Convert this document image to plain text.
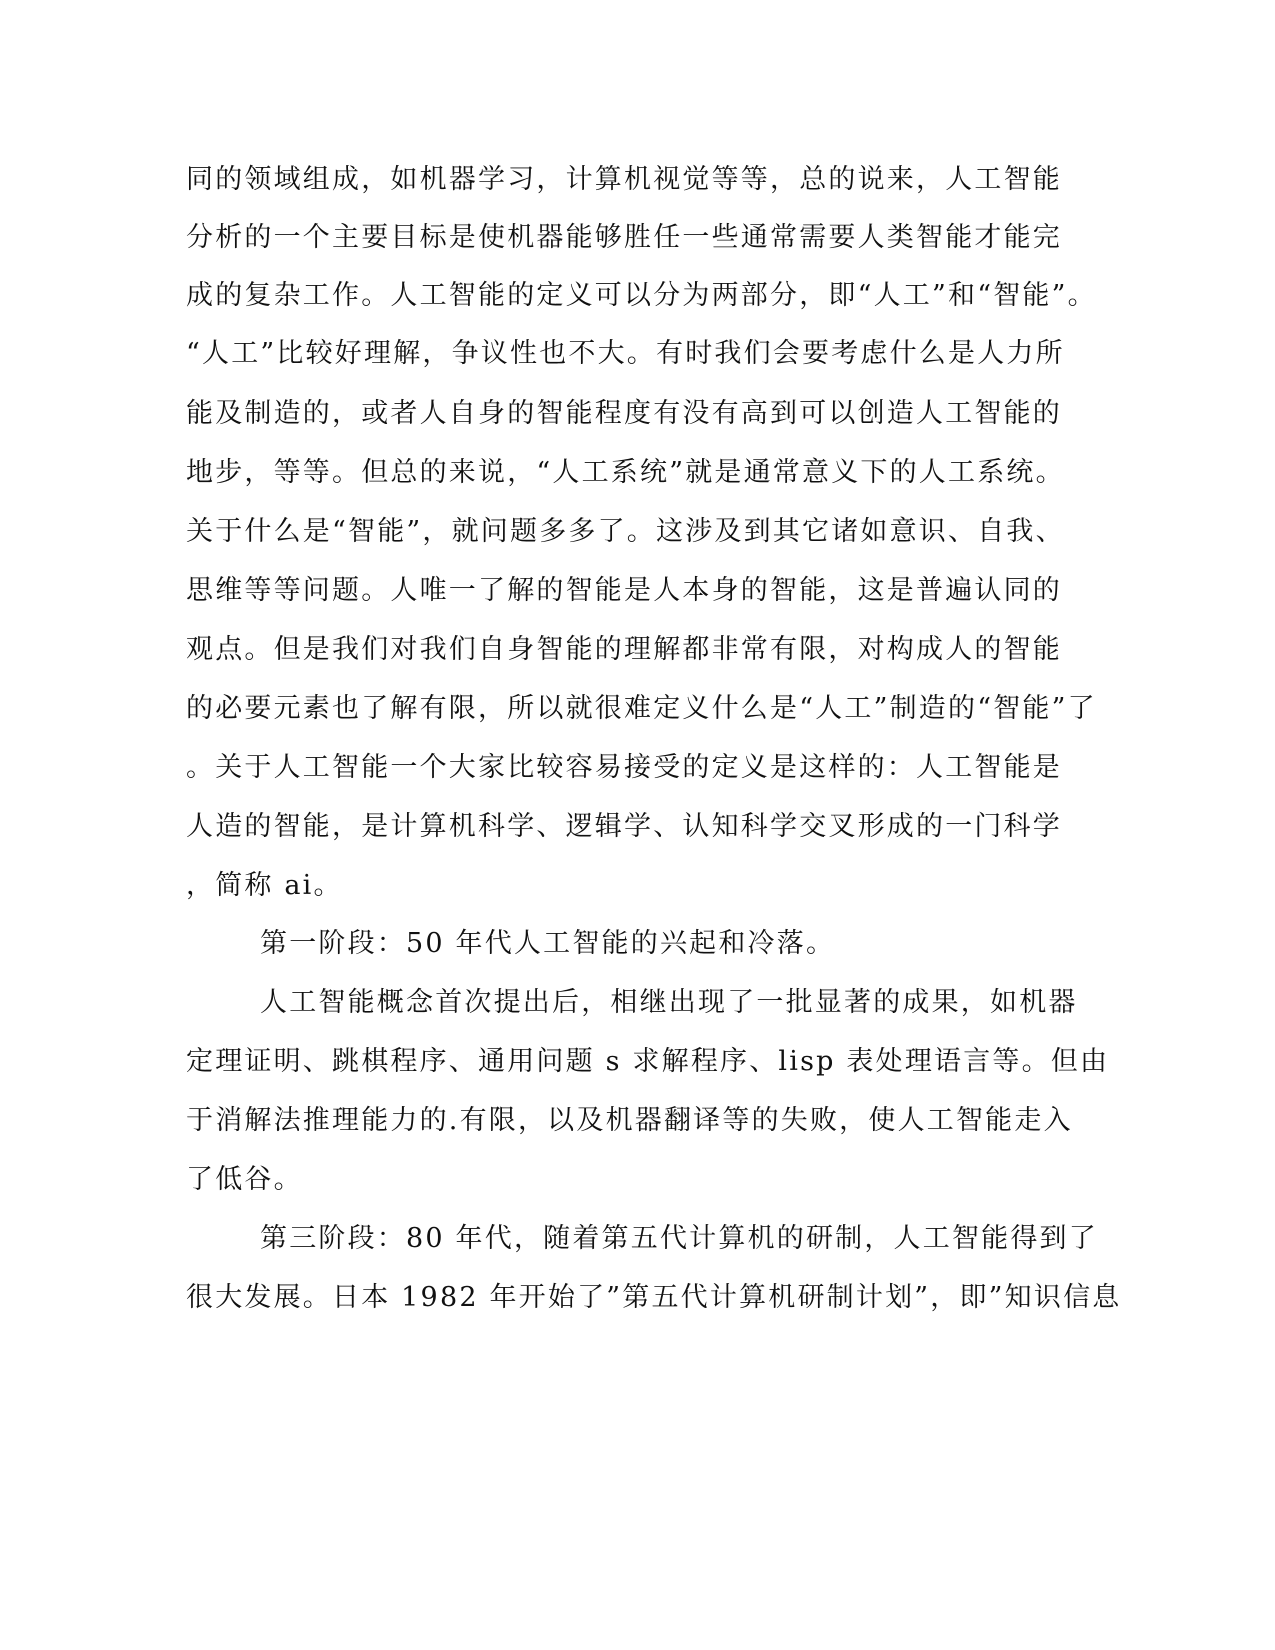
同的领域组成，如机器学习，计算机视觉等等，总的说来，人工智能
分析的一个主要目标是使机器能够胜任一些通常需要人类智能才能完
成的复杂工作。人工智能的定义可以分为两部分，即“人工”和“智能”。
“人工”比较好理解，争议性也不大。有时我们会要考虑什么是人力所
能及制造的，或者人自身的智能程度有没有高到可以创造人工智能的
地步，等等。但总的来说，“人工系统”就是通常意义下的人工系统。
关于什么是“智能”，就问题多多了。这涉及到其它诸如意识、自我、
思维等等问题。人唯一了解的智能是人本身的智能，这是普遍认同的
观点。但是我们对我们自身智能的理解都非常有限，对构成人的智能
的必要元素也了解有限，所以就很难定义什么是“人工”制造的“智能”了
。关于人工智能一个大家比较容易接受的定义是这样的：人工智能是
人造的智能，是计算机科学、逻辑学、认知科学交叉形成的一门科学
，简称 ai。
第一阶段：50 年代人工智能的兴起和冷落。
人工智能概念首次提出后，相继出现了一批显著的成果，如机器
定理证明、跳棋程序、通用问题 s 求解程序、lisp 表处理语言等。但由
于消解法推理能力的.有限，以及机器翻译等的失败，使人工智能走入
了低谷。
第三阶段：80 年代，随着第五代计算机的研制，人工智能得到了
很大发展。日本 1982 年开始了”第五代计算机研制计划”，即”知识信息
